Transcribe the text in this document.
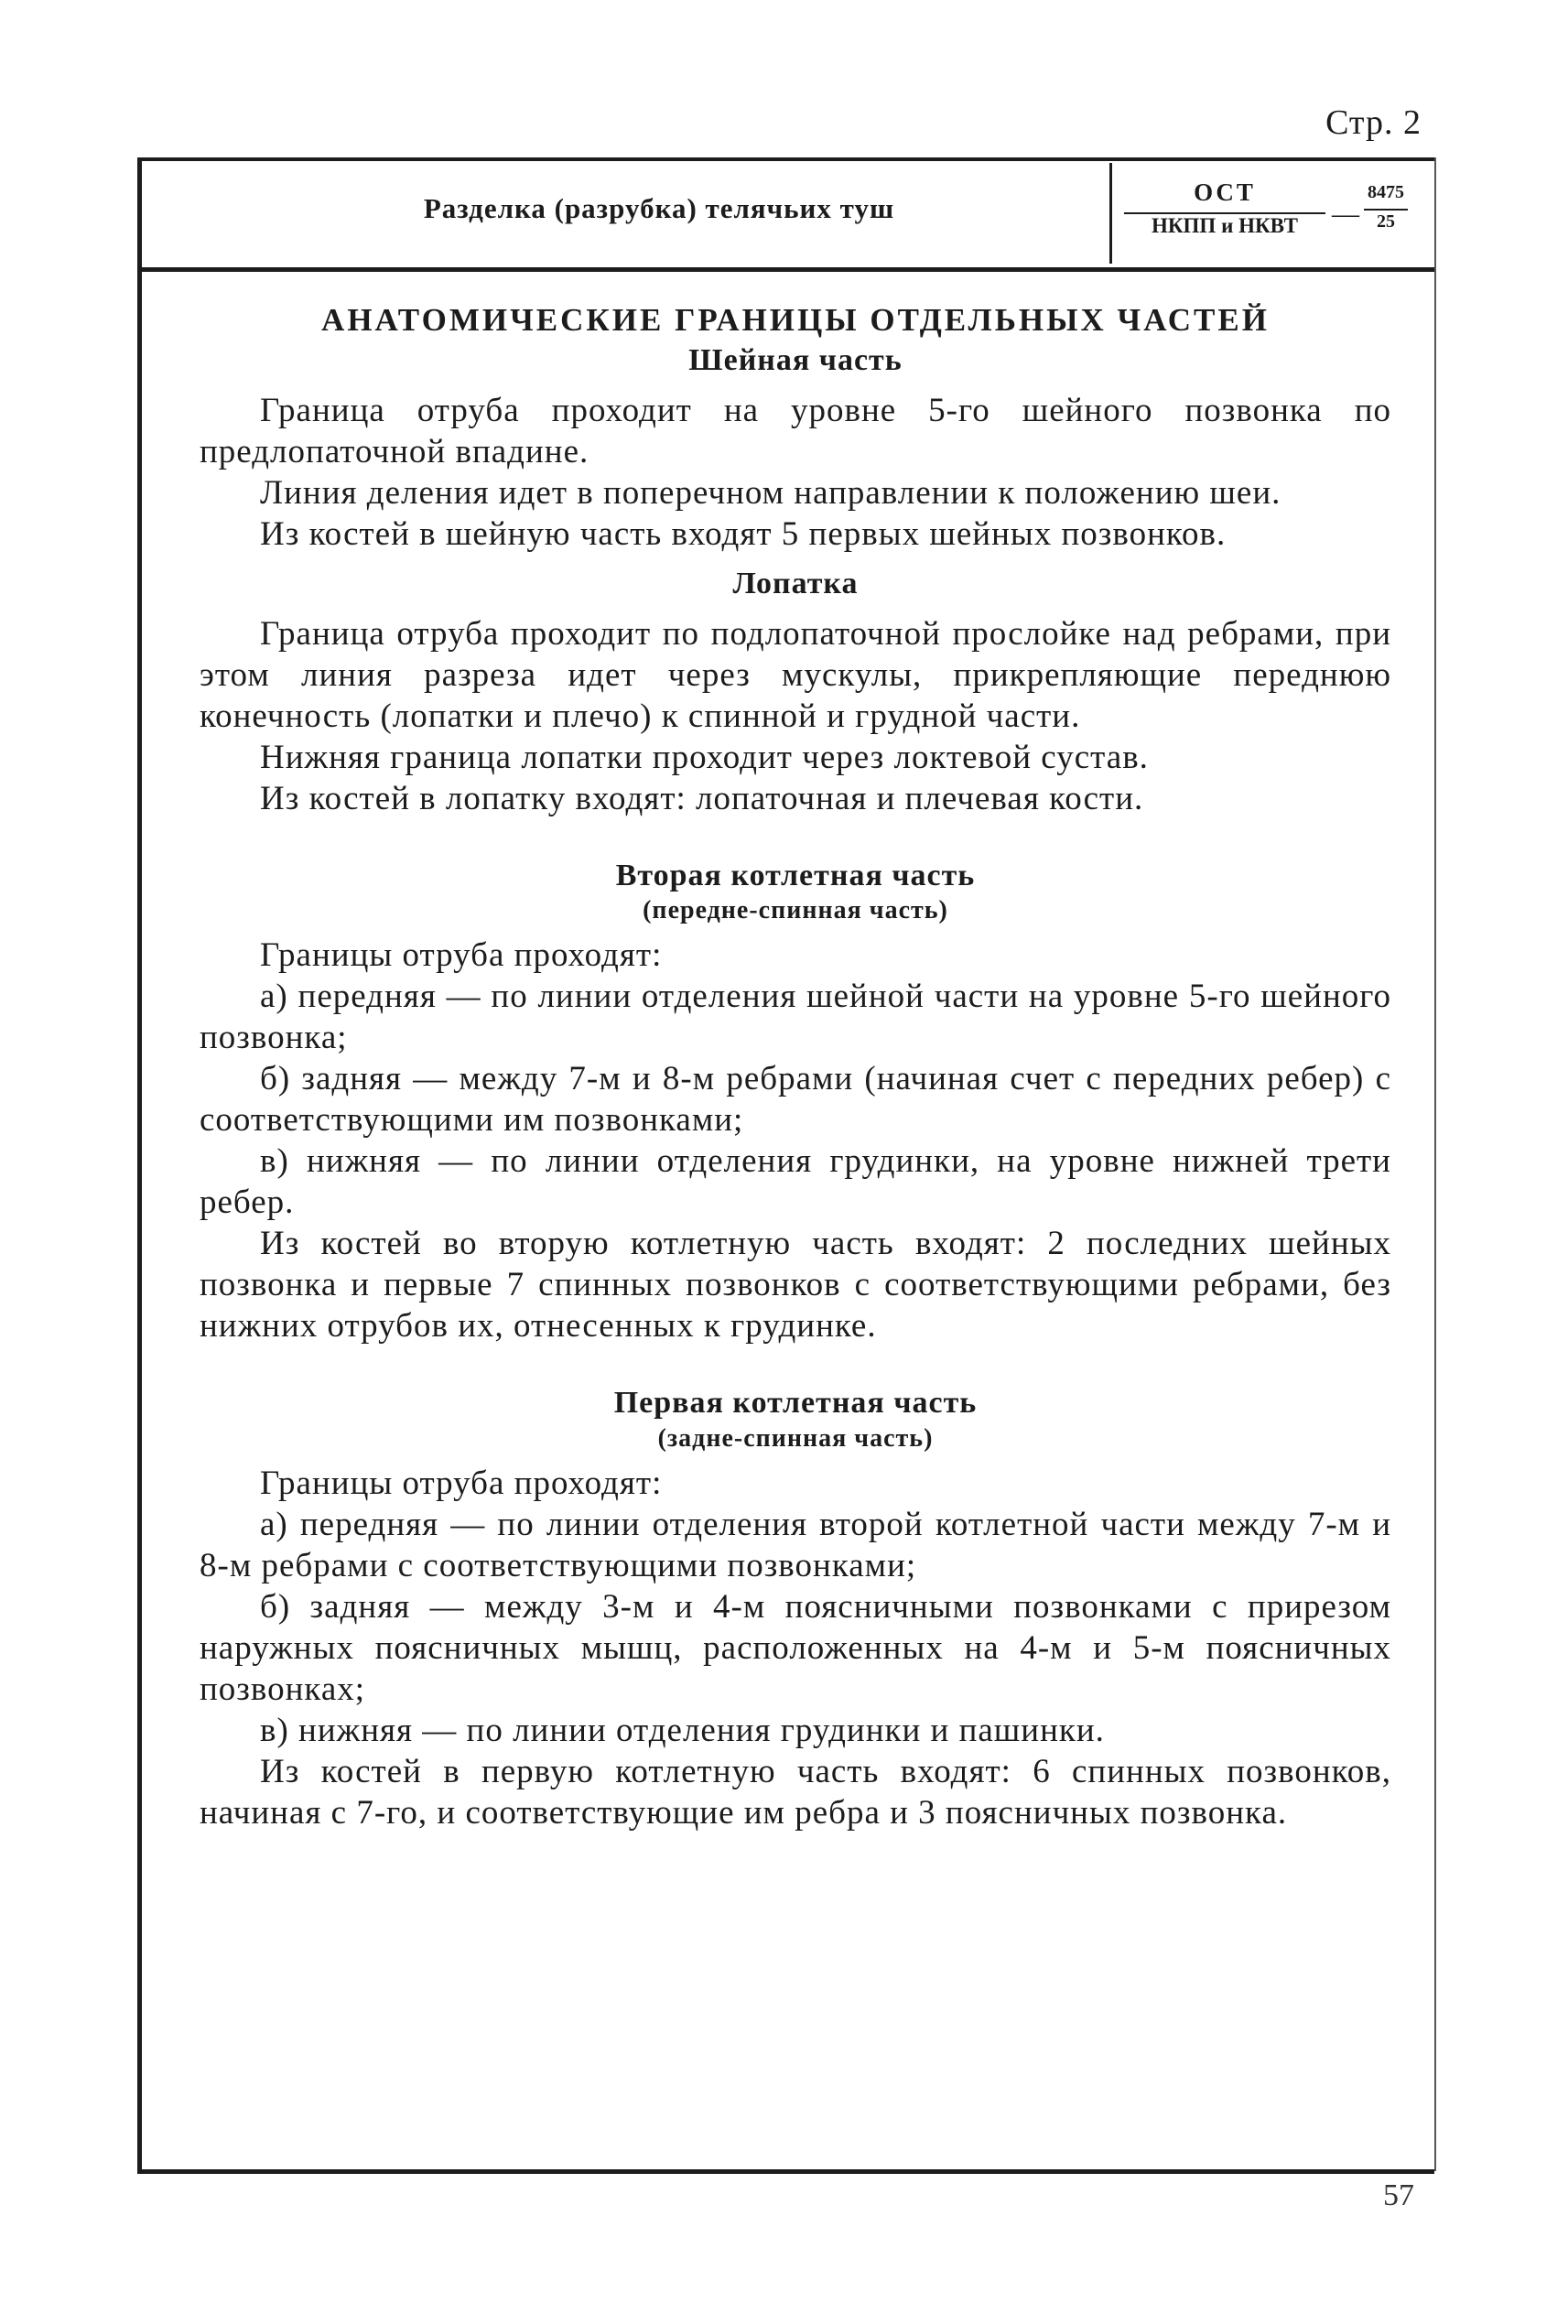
Стр. 2
Разделка (разрубка) телячьих туш	ОСТ
НКПП и НКВТ	—
8475
25

АНАТОМИЧЕСКИЕ ГРАНИЦЫ ОТДЕЛЬНЫХ ЧАСТЕЙ

Шейная часть

Граница отруба проходит на уровне 5-го шейного позвонка по предлопаточной впадине.

Линия деления идет в поперечном направлении к положению шеи.

Из костей в шейную часть входят 5 первых шейных позвонков.

Лопатка

Граница отруба проходит по подлопаточной прослойке над ребрами, при этом линия разреза идет через мускулы, прикрепляющие переднюю конечность (лопатки и плечо) к спинной и грудной части.

Нижняя граница лопатки проходит через локтевой сустав.

Из костей в лопатку входят: лопаточная и плечевая кости.

Вторая котлетная часть

(передне-спинная часть)

Границы отруба проходят:

а) передняя — по линии отделения шейной части на уровне 5-го шейного позвонка;

б) задняя — между 7-м и 8-м ребрами (начиная счет с передних ребер) с соответствующими им позвонками;

в) нижняя — по линии отделения грудинки, на уровне нижней трети ребер.

Из костей во вторую котлетную часть входят: 2 последних шейных позвонка и первые 7 спинных позвонков с соответствующими ребрами, без нижних отрубов их, отнесенных к грудинке.

Первая котлетная часть

(задне-спинная часть)

Границы отруба проходят:

а) передняя — по линии отделения второй котлетной части между 7-м и 8-м ребрами с соответствующими позвонками;

б) задняя — между 3-м и 4-м поясничными позвонками с прирезом наружных поясничных мышц, расположенных на 4-м и 5-м поясничных позвонках;

в) нижняя — по линии отделения грудинки и пашинки.

Из костей в первую котлетную часть входят: 6 спинных позвонков, начиная с 7-го, и соответствующие им ребра и 3 поясничных позвонка.

57
